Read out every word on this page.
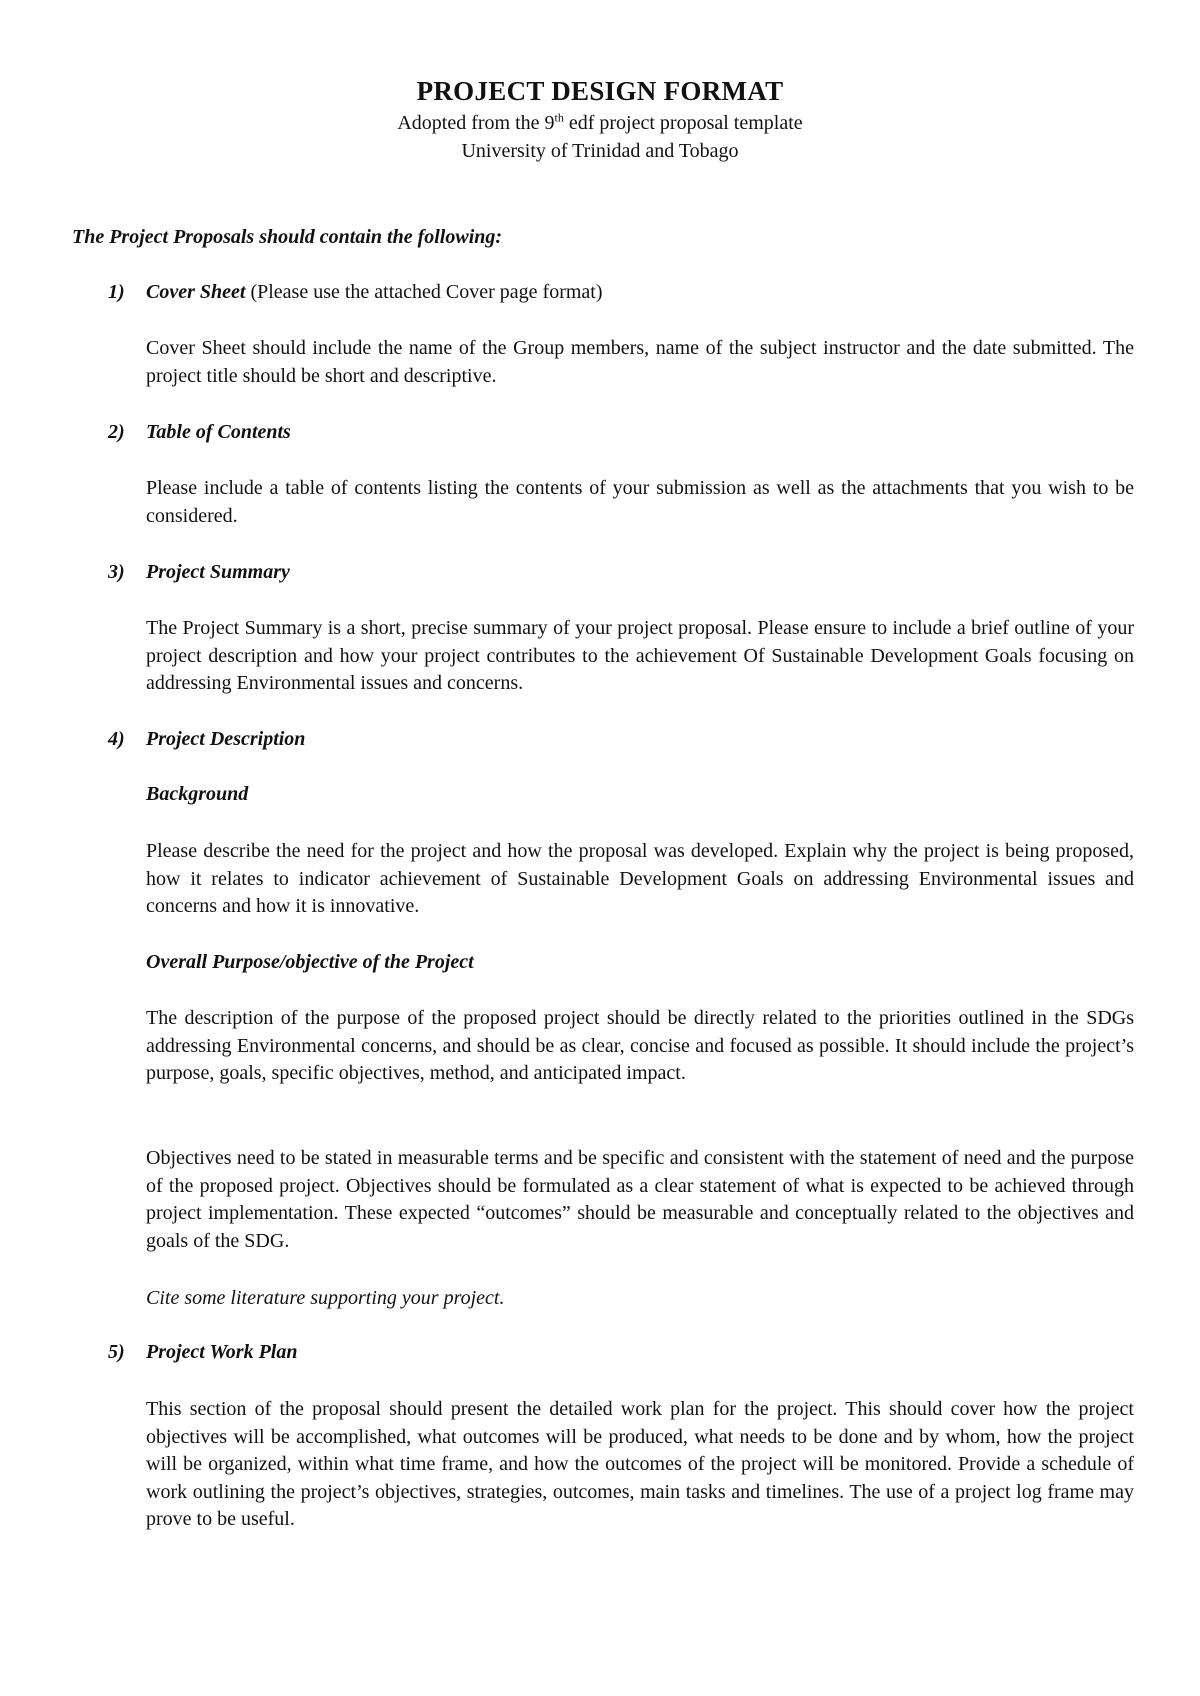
PROJECT DESIGN FORMAT
Adopted from the 9th edf project proposal template
University of Trinidad and Tobago
The Project Proposals should contain the following:
1) Cover Sheet (Please use the attached Cover page format)
Cover Sheet should include the name of the Group members, name of the subject instructor and the date submitted. The project title should be short and descriptive.
2) Table of Contents
Please include a table of contents listing the contents of your submission as well as the attachments that you wish to be considered.
3) Project Summary
The Project Summary is a short, precise summary of your project proposal. Please ensure to include a brief outline of your project description and how your project contributes to the achievement Of Sustainable Development Goals focusing on addressing Environmental issues and concerns.
4) Project Description
Background
Please describe the need for the project and how the proposal was developed. Explain why the project is being proposed, how it relates to indicator achievement of Sustainable Development Goals on addressing Environmental issues and concerns and how it is innovative.
Overall Purpose/objective of the Project
The description of the purpose of the proposed project should be directly related to the priorities outlined in the SDGs addressing Environmental concerns, and should be as clear, concise and focused as possible. It should include the project’s purpose, goals, specific objectives, method, and anticipated impact.
Objectives need to be stated in measurable terms and be specific and consistent with the statement of need and the purpose of the proposed project. Objectives should be formulated as a clear statement of what is expected to be achieved through project implementation. These expected “outcomes” should be measurable and conceptually related to the objectives and goals of the SDG.
Cite some literature supporting your project.
5) Project Work Plan
This section of the proposal should present the detailed work plan for the project. This should cover how the project objectives will be accomplished, what outcomes will be produced, what needs to be done and by whom, how the project will be organized, within what time frame, and how the outcomes of the project will be monitored. Provide a schedule of work outlining the project’s objectives, strategies, outcomes, main tasks and timelines. The use of a project log frame may prove to be useful.
